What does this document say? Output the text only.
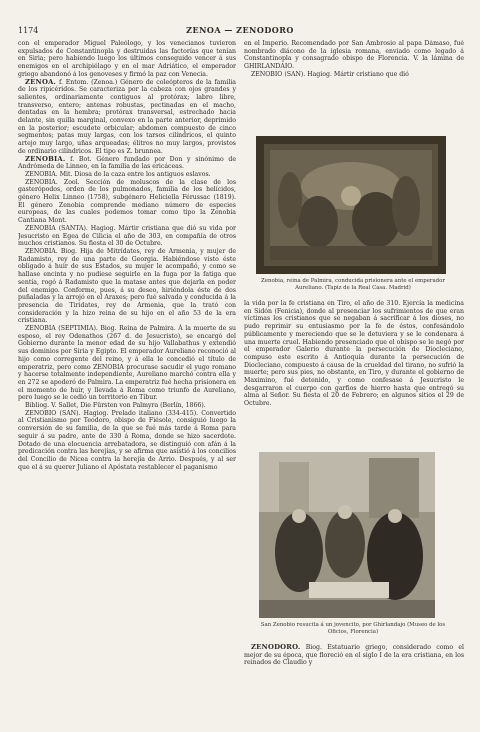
1174	ZENOA — ZENODORO

con el emperador Miguel Paleólogo, y los venecianos tuvieron expulsados de Constantinopla y destruidas las factorías que tenían en Siria; pero habiendo luego los últimos conseguido vencer á sus enemigos en el archipiélago y en el mar Adriático, el emperador griego abandonó á los genoveses y firmó la paz con Venecia.

ZENOA. f. Entom. (Zenoa.) Género de coleópteros de la familia de los ripicéridos. Se caracteriza por la cabeza con ojos grandes y salientes, ordinariamente contiguos al protórax; labro libre, transverso, entero; antenas robustas, pectinadas en el macho, dentadas en la hembra; protórax transversal, estrechado hacia delante, sin quilla marginal, convexo en la parte anterior, deprimido en la posterior; escudete orbicular; abdomen compuesto de cinco segmentos; patas muy largas, con los tarsos cilíndricos, el quinto artejo muy largo, uñas arqueadas; élitros no muy largos, provistos de ordinario cilíndricos. El tipo es Z. brunnea.

ZENOBIA. f. Bot. Género fundado por Don y sinónimo de Andrómeda de Linneo, en la familia de las ericáceas.

ZENOBIA. Mit. Diosa de la caza entre los antiguos eslavos.

ZENOBIA. Zool. Sección de moluscos de la clase de los gasterópodos, orden de los pulmonados, familia de los helícidos, género Helix Linneo (1758), subgénero Heliciella Férussac (1819). El género Zenobia comprende mediano número de especies europeas, de las cuales podemos tomar como tipo la Zenobia Cantiana Mont.

ZENOBIA (SANTA). Hagiog. Mártir cristiana que dió su vida por Jesucristo en Egea de Cilicia el año de 303, en compañía de otros muchos cristianos. Su fiesta el 30 de Octubre.

ZENOBIA. Biog. Hija de Mitrídates, rey de Armenia, y mujer de Radamisto, rey de una parte de Georgia. Habiéndose visto éste obligado á huir de sus Estados, su mujer le acompañó, y como se hallase encinta y no pudiese seguirle en la fuga por la fatiga que sentía, rogó á Radamisto que la matase antes que dejarla en poder del enemigo. Conforme, pues, á su deseo, hiriéndola éste de dos puñaladas y la arrojó en el Araxes; pero fué salvada y conducida á la presencia de Tiridates, rey de Armenia, que la trató con consideración y la hizo reina de su hijo en el año 53 de la era cristiana.

ZENOBIA (SEPTIMIA). Biog. Reina de Palmira. Á la muerte de su esposo, el rey Odenathos (267 d. de Jesucristo), se encargó del Gobierno durante la menor edad de su hijo Vallabathus y extendió sus dominios por Siria y Egipto. El emperador Aureliano reconoció al hijo como corregente del reino, y á ella le concedió el título de emperatriz, pero como ZENOBIA procurase sacudir el yugo romano y hacerse totalmente independiente, Aureliano marchó contra ella y en 272 se apoderó de Palmira. La emperatriz fué hecha prisionera en el momento de huir, y llevada á Roma como triunfo de Aureliano, pero luego se le cedió un territorio en Tíbur.

Bibliog. V. Sallet, Die Fürsten von Palmyra (Berlín, 1866).

ZENOBIO (SAN). Hagiog. Prelado italiano (334-415). Convertido al Cristianismo por Teodoro, obispo de Fiésole, consiguió luego la conversión de su familia, de la que se fué más tarde á Roma para seguir á su padre, ante de 330 á Roma, donde se hizo sacerdote. Dotado de una elocuencia arrebatadora, se distinguió con afán á la predicación contra las herejías, y se afirma que asistió á los concilios del Concilio de Nicea contra la herejía de Arrio. Después, y al ser que el á su querer Juliano el Apóstata restablecer el paganismo

en el Imperio. Recomendado por San Ambrosio al papa Dámaso, fué nombrado diácono de la iglesia romana, enviado como legado á Constantinopla y consagrado obispo de Florencia. V. la lámina de GHIRLANDAIO.

ZENOBIO (SAN). Hagiog. Mártir cristiano que dió

Zenobia, reina de Palmira, conducida prisionera ante el emperador Aureliano. (Tapiz de la Real Casa. Madrid)

la vida por la fe cristiana en Tiro, el año de 310. Ejercía la medicina en Sidón (Fenicia), donde al presenciar los sufrimientos de que eran víctimas los cristianos que se negaban á sacrificar á los dioses, no pudo reprimir su entusiasmo por la fe de éstos, confesándolo públicamente y mereciendo que se le detuviera y se le condenara á una muerte cruel. Habiendo presenciado que el obispo se le negó por el emperador Galerio durante la persecución de Diocleciano, compuso este escrito á Antioquía durante la persecución de Diocleciano, compuesto á causa de la crueldad del tirano, no sufrió la muerte; pero sus pies, no obstante, en Tiro, y durante el gobierno de Maximino, fué detenido, y como confesase á Jesucristo le desgarraron el cuerpo con garfios de hierro hasta que entregó su alma al Señor. Su fiesta el 20 de Febrero; en algunos sitios el 29 de Octubre.

San Zenobio resucita á un jovencito, por Ghirlandajo (Museo de los Oficios, Florencia)

ZENODORO. Biog. Estatuario griego, considerado como el mejor de su época, que floreció en el siglo I de la era cristiana, en los reinados de Claudio y
